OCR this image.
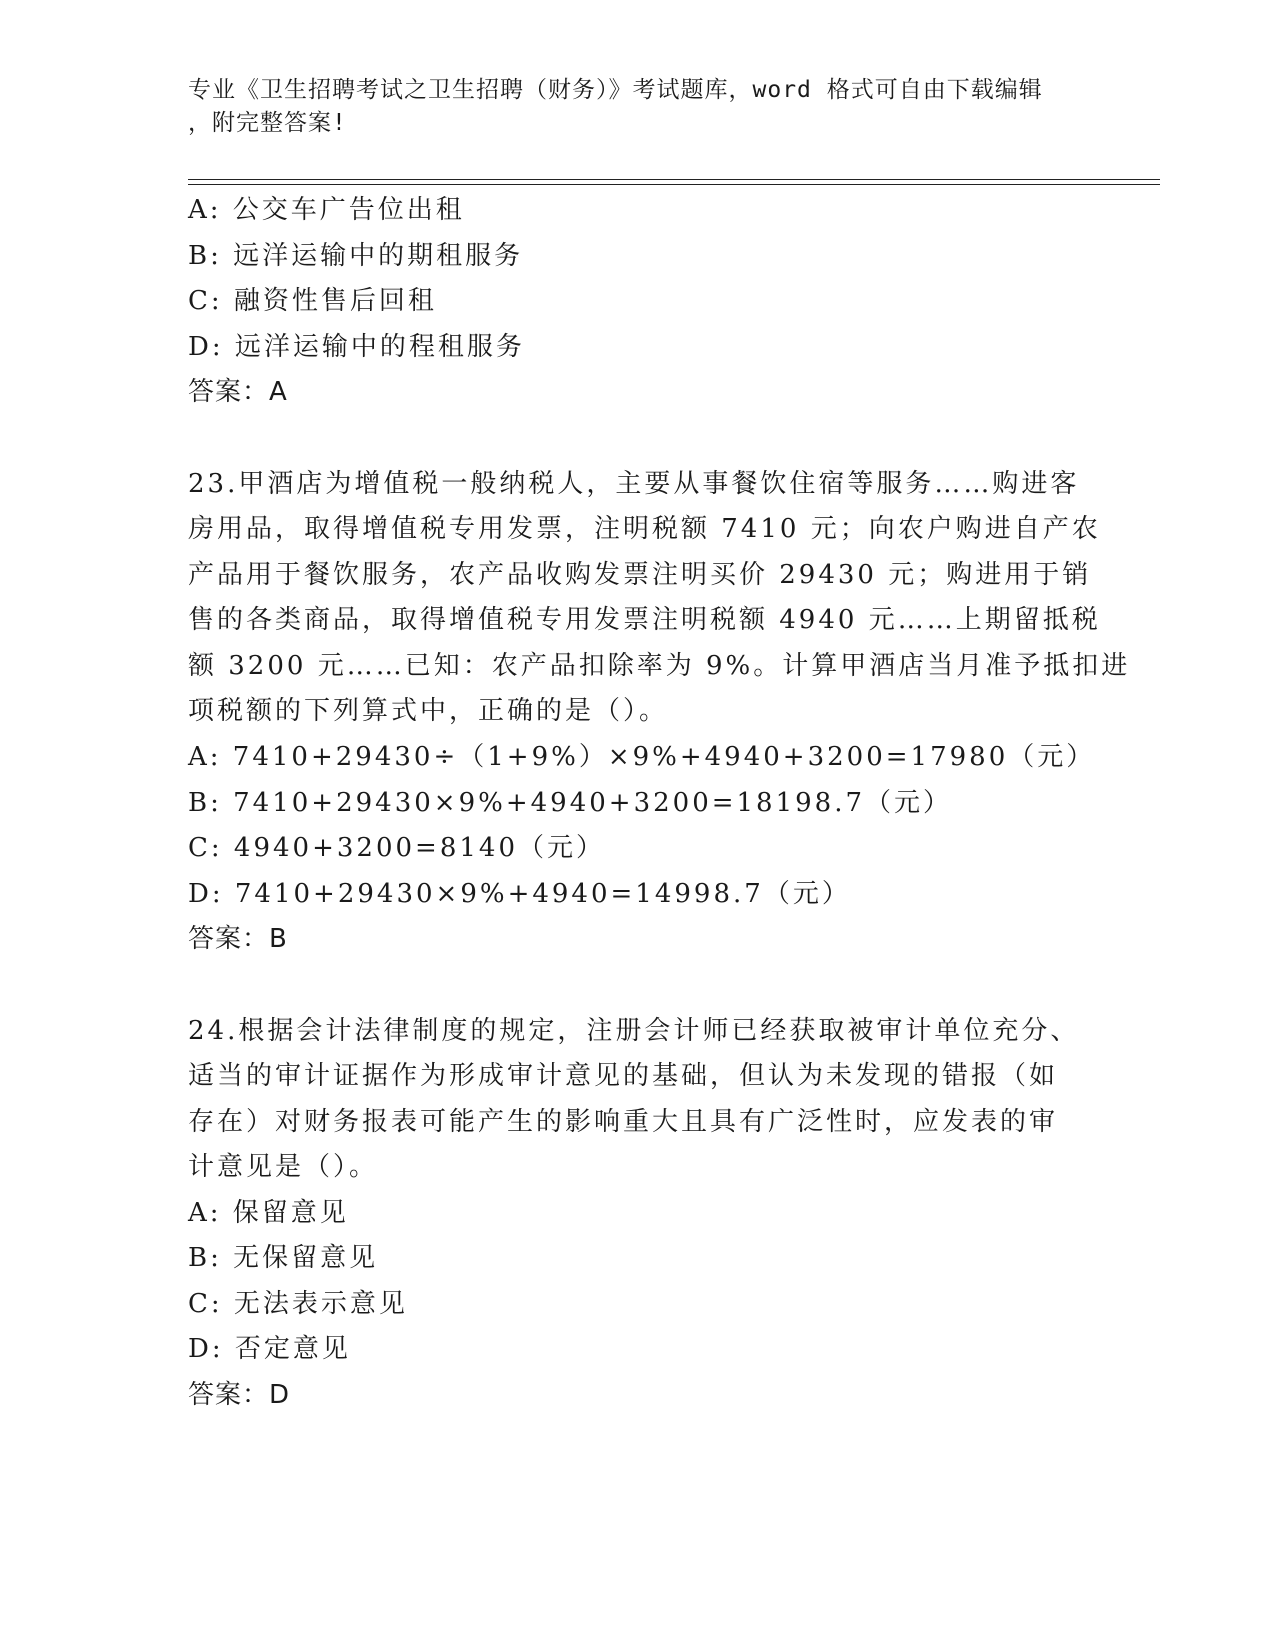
专业《卫生招聘考试之卫生招聘（财务）》考试题库，word 格式可自由下载编辑
，附完整答案!
A: 公交车广告位出租
B: 远洋运输中的期租服务
C: 融资性售后回租
D: 远洋运输中的程租服务
答案：A
23.甲酒店为增值税一般纳税人，主要从事餐饮住宿等服务……购进客
房用品，取得增值税专用发票，注明税额 7410 元；向农户购进自产农
产品用于餐饮服务，农产品收购发票注明买价 29430 元；购进用于销
售的各类商品，取得增值税专用发票注明税额 4940 元……上期留抵税
额 3200 元……已知：农产品扣除率为 9%。计算甲酒店当月准予抵扣进
项税额的下列算式中，正确的是（）。
A: 7410+29430÷（1+9%）×9%+4940+3200=17980（元）
B: 7410+29430×9%+4940+3200=18198.7（元）
C: 4940+3200=8140（元）
D: 7410+29430×9%+4940=14998.7（元）
答案：B
24.根据会计法律制度的规定，注册会计师已经获取被审计单位充分、
适当的审计证据作为形成审计意见的基础，但认为未发现的错报（如
存在）对财务报表可能产生的影响重大且具有广泛性时，应发表的审
计意见是（）。
A: 保留意见
B: 无保留意见
C: 无法表示意见
D: 否定意见
答案：D
